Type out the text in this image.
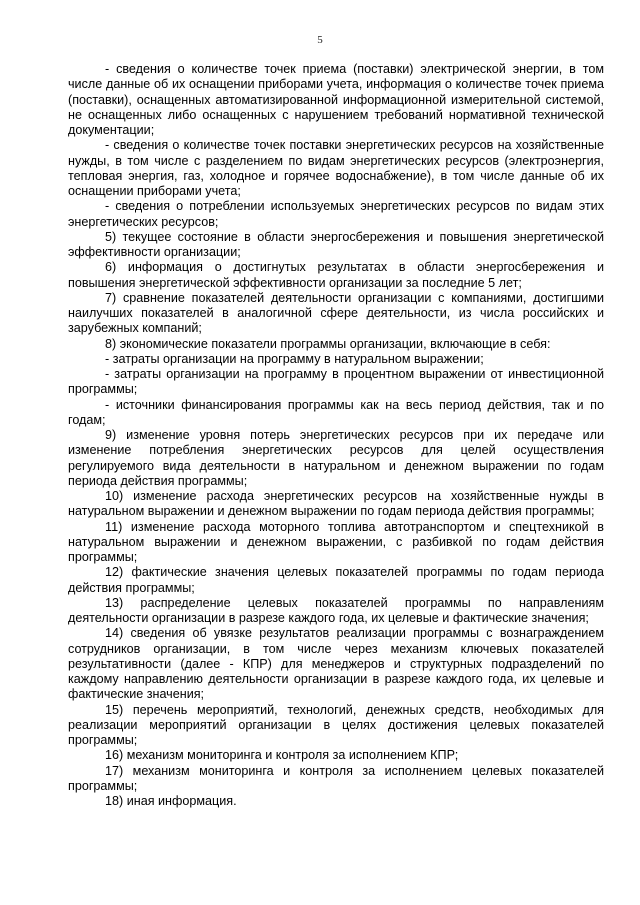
5

- сведения о количестве точек приема (поставки) электрической энергии, в том числе данные об их оснащении приборами учета, информация о количестве точек приема (поставки), оснащенных автоматизированной информационной измерительной системой, не оснащенных либо оснащенных с нарушением требований нормативной технической документации;

- сведения о количестве точек поставки энергетических ресурсов на хозяйственные нужды, в том числе с разделением по видам энергетических ресурсов (электроэнергия, тепловая энергия, газ, холодное и горячее водоснабжение), в том числе данные об их оснащении приборами учета;

- сведения о потреблении используемых энергетических ресурсов по видам этих энергетических ресурсов;

5) текущее состояние в области энергосбережения и повышения энергетической эффективности организации;

6) информация о достигнутых результатах в области энергосбережения и повышения энергетической эффективности организации за последние 5 лет;

7) сравнение показателей деятельности организации с компаниями, достигшими наилучших показателей в аналогичной сфере деятельности, из числа российских и зарубежных компаний;

8) экономические показатели программы организации, включающие в себя:

- затраты организации на программу в натуральном выражении;

- затраты организации на программу в процентном выражении от инвестиционной программы;

- источники финансирования программы как на весь период действия, так и по годам;

9) изменение уровня потерь энергетических ресурсов при их передаче или изменение потребления энергетических ресурсов для целей осуществления регулируемого вида деятельности в натуральном и денежном выражении по годам периода действия программы;

10) изменение расхода энергетических ресурсов на хозяйственные нужды в натуральном выражении и денежном выражении по годам периода действия программы;

11) изменение расхода моторного топлива автотранспортом и спецтехникой в натуральном выражении и денежном выражении, с разбивкой по годам действия программы;

12) фактические значения целевых показателей программы по годам периода действия программы;

13) распределение целевых показателей программы по направлениям деятельности организации в разрезе каждого года, их целевые и фактические значения;

14) сведения об увязке результатов реализации программы с вознаграждением сотрудников организации, в том числе через механизм ключевых показателей результативности (далее - КПР) для менеджеров и структурных подразделений по каждому направлению деятельности организации в разрезе каждого года, их целевые и фактические значения;

15) перечень мероприятий, технологий, денежных средств, необходимых для реализации мероприятий организации в целях достижения целевых показателей программы;

16) механизм мониторинга и контроля за исполнением КПР;

17) механизм мониторинга и контроля за исполнением целевых показателей программы;

18) иная информация.
